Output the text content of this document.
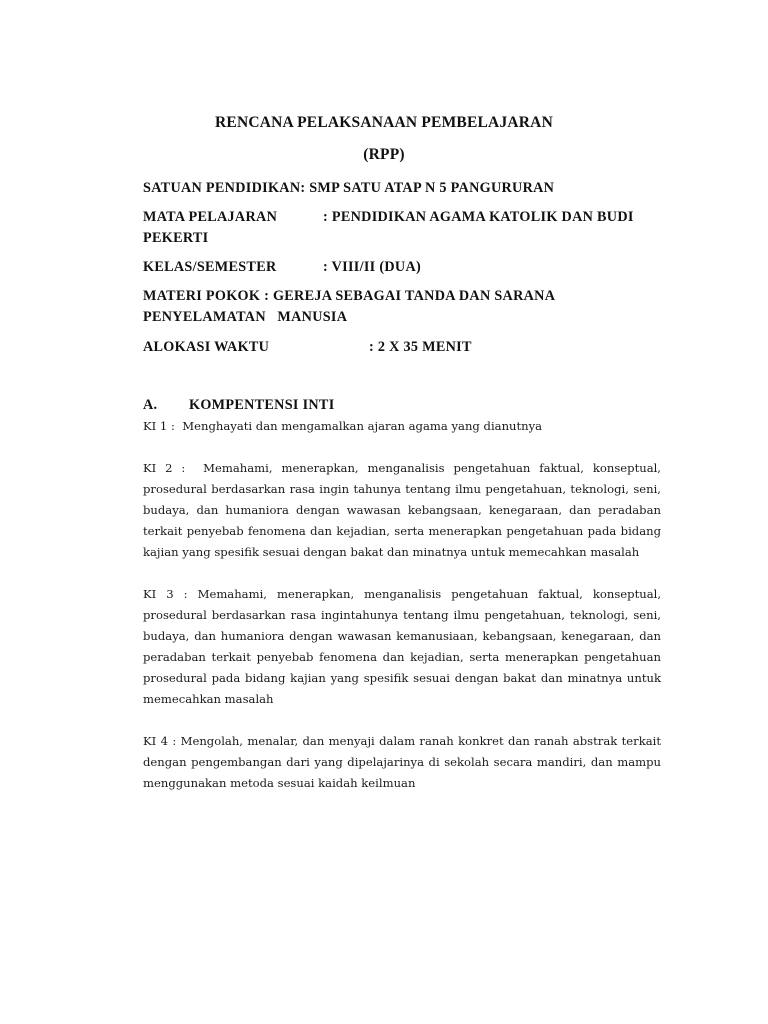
RENCANA PELAKSANAAN PEMBELAJARAN
(RPP)
SATUAN PENDIDIKAN: SMP SATU ATAP N 5 PANGURURAN
MATA PELAJARAN	: PENDIDIKAN AGAMA KATOLIK DAN BUDI PEKERTI
KELAS/SEMESTER	: VIII/II (DUA)
MATERI POKOK : GEREJA SEBAGAI TANDA DAN SARANA PENYELAMATAN   MANUSIA
ALOKASI WAKTU	: 2 X 35 MENIT
A. KOMPENTENSI INTI
KI 1 :  Menghayati dan mengamalkan ajaran agama yang dianutnya
KI 2 :  Memahami, menerapkan, menganalisis pengetahuan faktual, konseptual, prosedural berdasarkan rasa ingin tahunya tentang ilmu pengetahuan, teknologi, seni, budaya, dan humaniora dengan wawasan kebangsaan, kenegaraan, dan peradaban terkait penyebab fenomena dan kejadian, serta menerapkan pengetahuan pada bidang kajian yang spesifik sesuai dengan bakat dan minatnya untuk memecahkan masalah
KI 3 : Memahami, menerapkan, menganalisis pengetahuan faktual, konseptual, prosedural berdasarkan rasa ingintahunya tentang ilmu pengetahuan, teknologi, seni, budaya, dan humaniora dengan wawasan kemanusiaan, kebangsaan, kenegaraan, dan peradaban terkait penyebab fenomena dan kejadian, serta menerapkan pengetahuan prosedural pada bidang kajian yang spesifik sesuai dengan bakat dan minatnya untuk memecahkan masalah
KI 4 : Mengolah, menalar, dan menyaji dalam ranah konkret dan ranah abstrak terkait dengan pengembangan dari yang dipelajarinya di sekolah secara mandiri, dan mampu menggunakan metoda sesuai kaidah keilmuan
